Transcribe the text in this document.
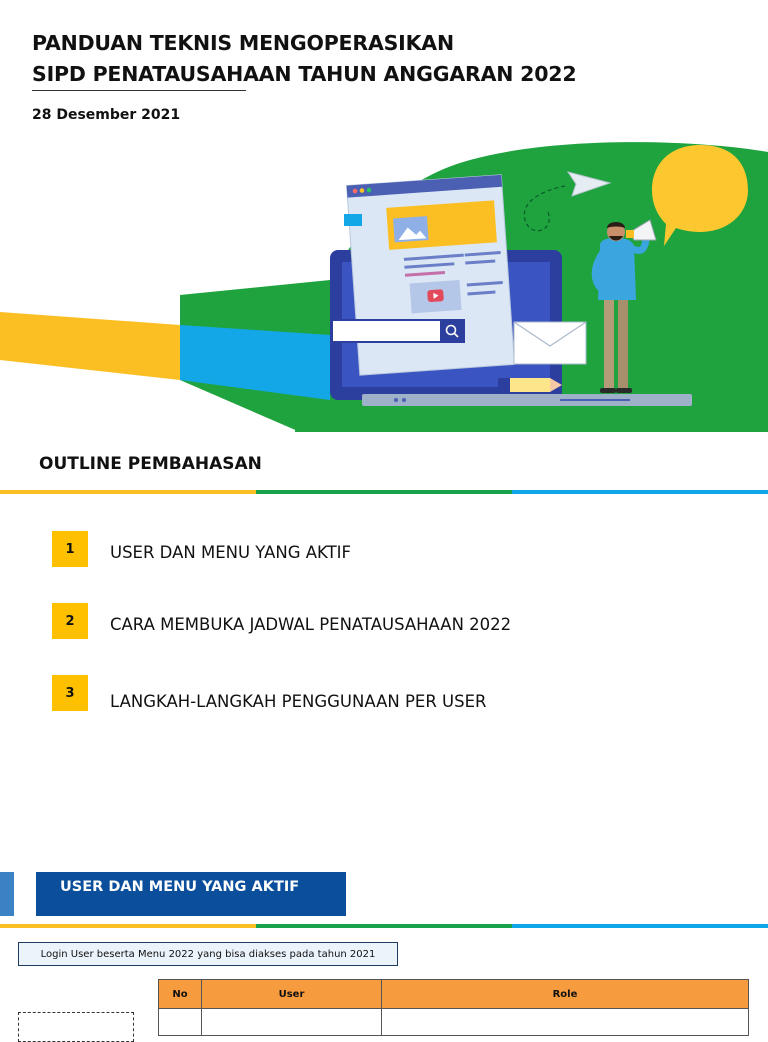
PANDUAN TEKNIS MENGOPERASIKAN
SIPD PENATAUSAHAAN TAHUN ANGGARAN 2022
28 Desember 2021
OUTLINE PEMBAHASAN
1	USER DAN MENU YANG AKTIF
2	CARA MEMBUKA JADWAL PENATAUSAHAAN 2022
3	LANGKAH-LANGKAH PENGGUNAAN PER USER
USER DAN MENU YANG AKTIF
Login User beserta Menu 2022 yang bisa diakses pada tahun 2021
No	User	Role
